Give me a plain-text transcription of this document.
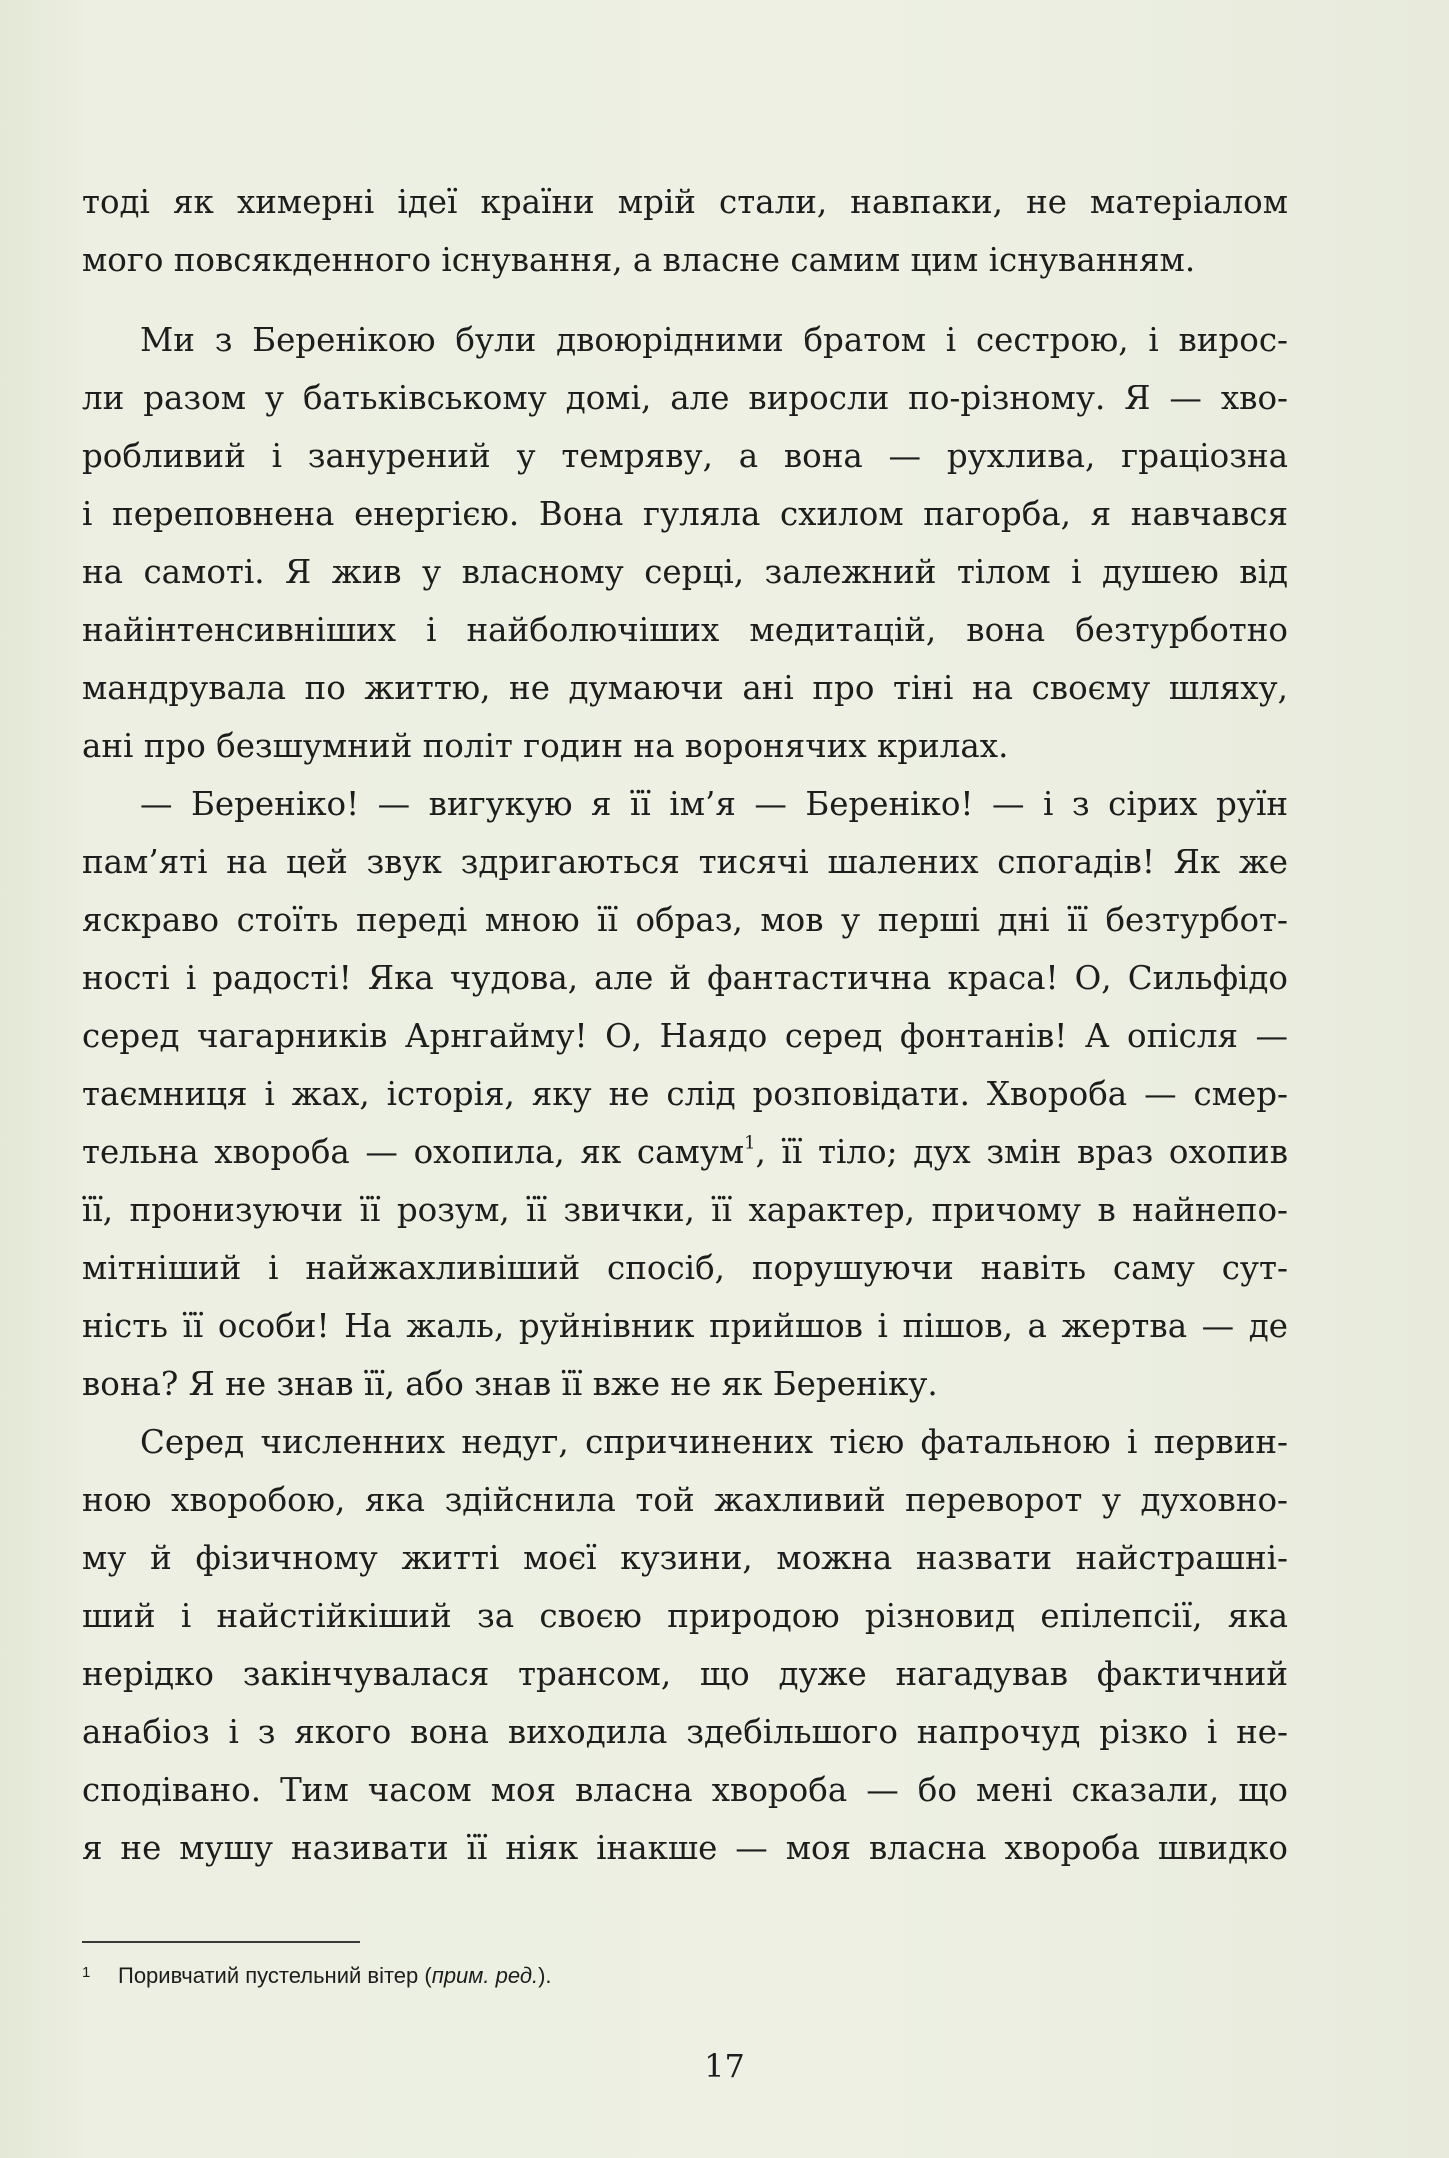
тоді як химерні ідеї країни мрій стали, навпаки, не матеріалом
мого повсякденного існування, а власне самим цим існуванням.
Ми з Беренікою були двоюрідними братом і сестрою, і вирос-
ли разом у батьківському домі, але виросли по-різному. Я — хво-
робливий і занурений у темряву, а вона — рухлива, граціозна
і переповнена енергією. Вона гуляла схилом пагорба, я навчався
на самоті. Я жив у власному серці, залежний тілом і душею від
найінтенсивніших і найболючіших медитацій, вона безтурботно
мандрувала по життю, не думаючи ані про тіні на своєму шляху,
ані про безшумний політ годин на воронячих крилах.
— Береніко! — вигукую я її ім’я — Береніко! — і з сірих руїн
пам’яті на цей звук здригаються тисячі шалених спогадів! Як же
яскраво стоїть переді мною її образ, мов у перші дні її безтурбот-
ності і радості! Яка чудова, але й фантастична краса! О, Сильфідо
серед чагарників Арнгайму! О, Наядо серед фонтанів! А опісля —
таємниця і жах, історія, яку не слід розповідати. Хвороба — смер-
тельна хвороба — охопила, як самум$^1$, її тіло; дух змін враз охопив
її, пронизуючи її розум, її звички, її характер, причому в найнепо-
мітніший і найжахливіший спосіб, порушуючи навіть саму сут-
ність її особи! На жаль, руйнівник прийшов і пішов, а жертва — де
вона? Я не знав її, або знав її вже не як Береніку.
Серед численних недуг, спричинених тією фатальною і первин-
ною хворобою, яка здійснила той жахливий переворот у духовно-
му й фізичному житті моєї кузини, можна назвати найстрашні-
ший і найстійкіший за своєю природою різновид епілепсії, яка
нерідко закінчувалася трансом, що дуже нагадував фактичний
анабіоз і з якого вона виходила здебільшого напрочуд різко і не-
сподівано. Тим часом моя власна хвороба — бо мені сказали, що
я не мушу називати її ніяк інакше — моя власна хвороба швидко
1 Поривчатий пустельний вітер (прим. ред.).
17
